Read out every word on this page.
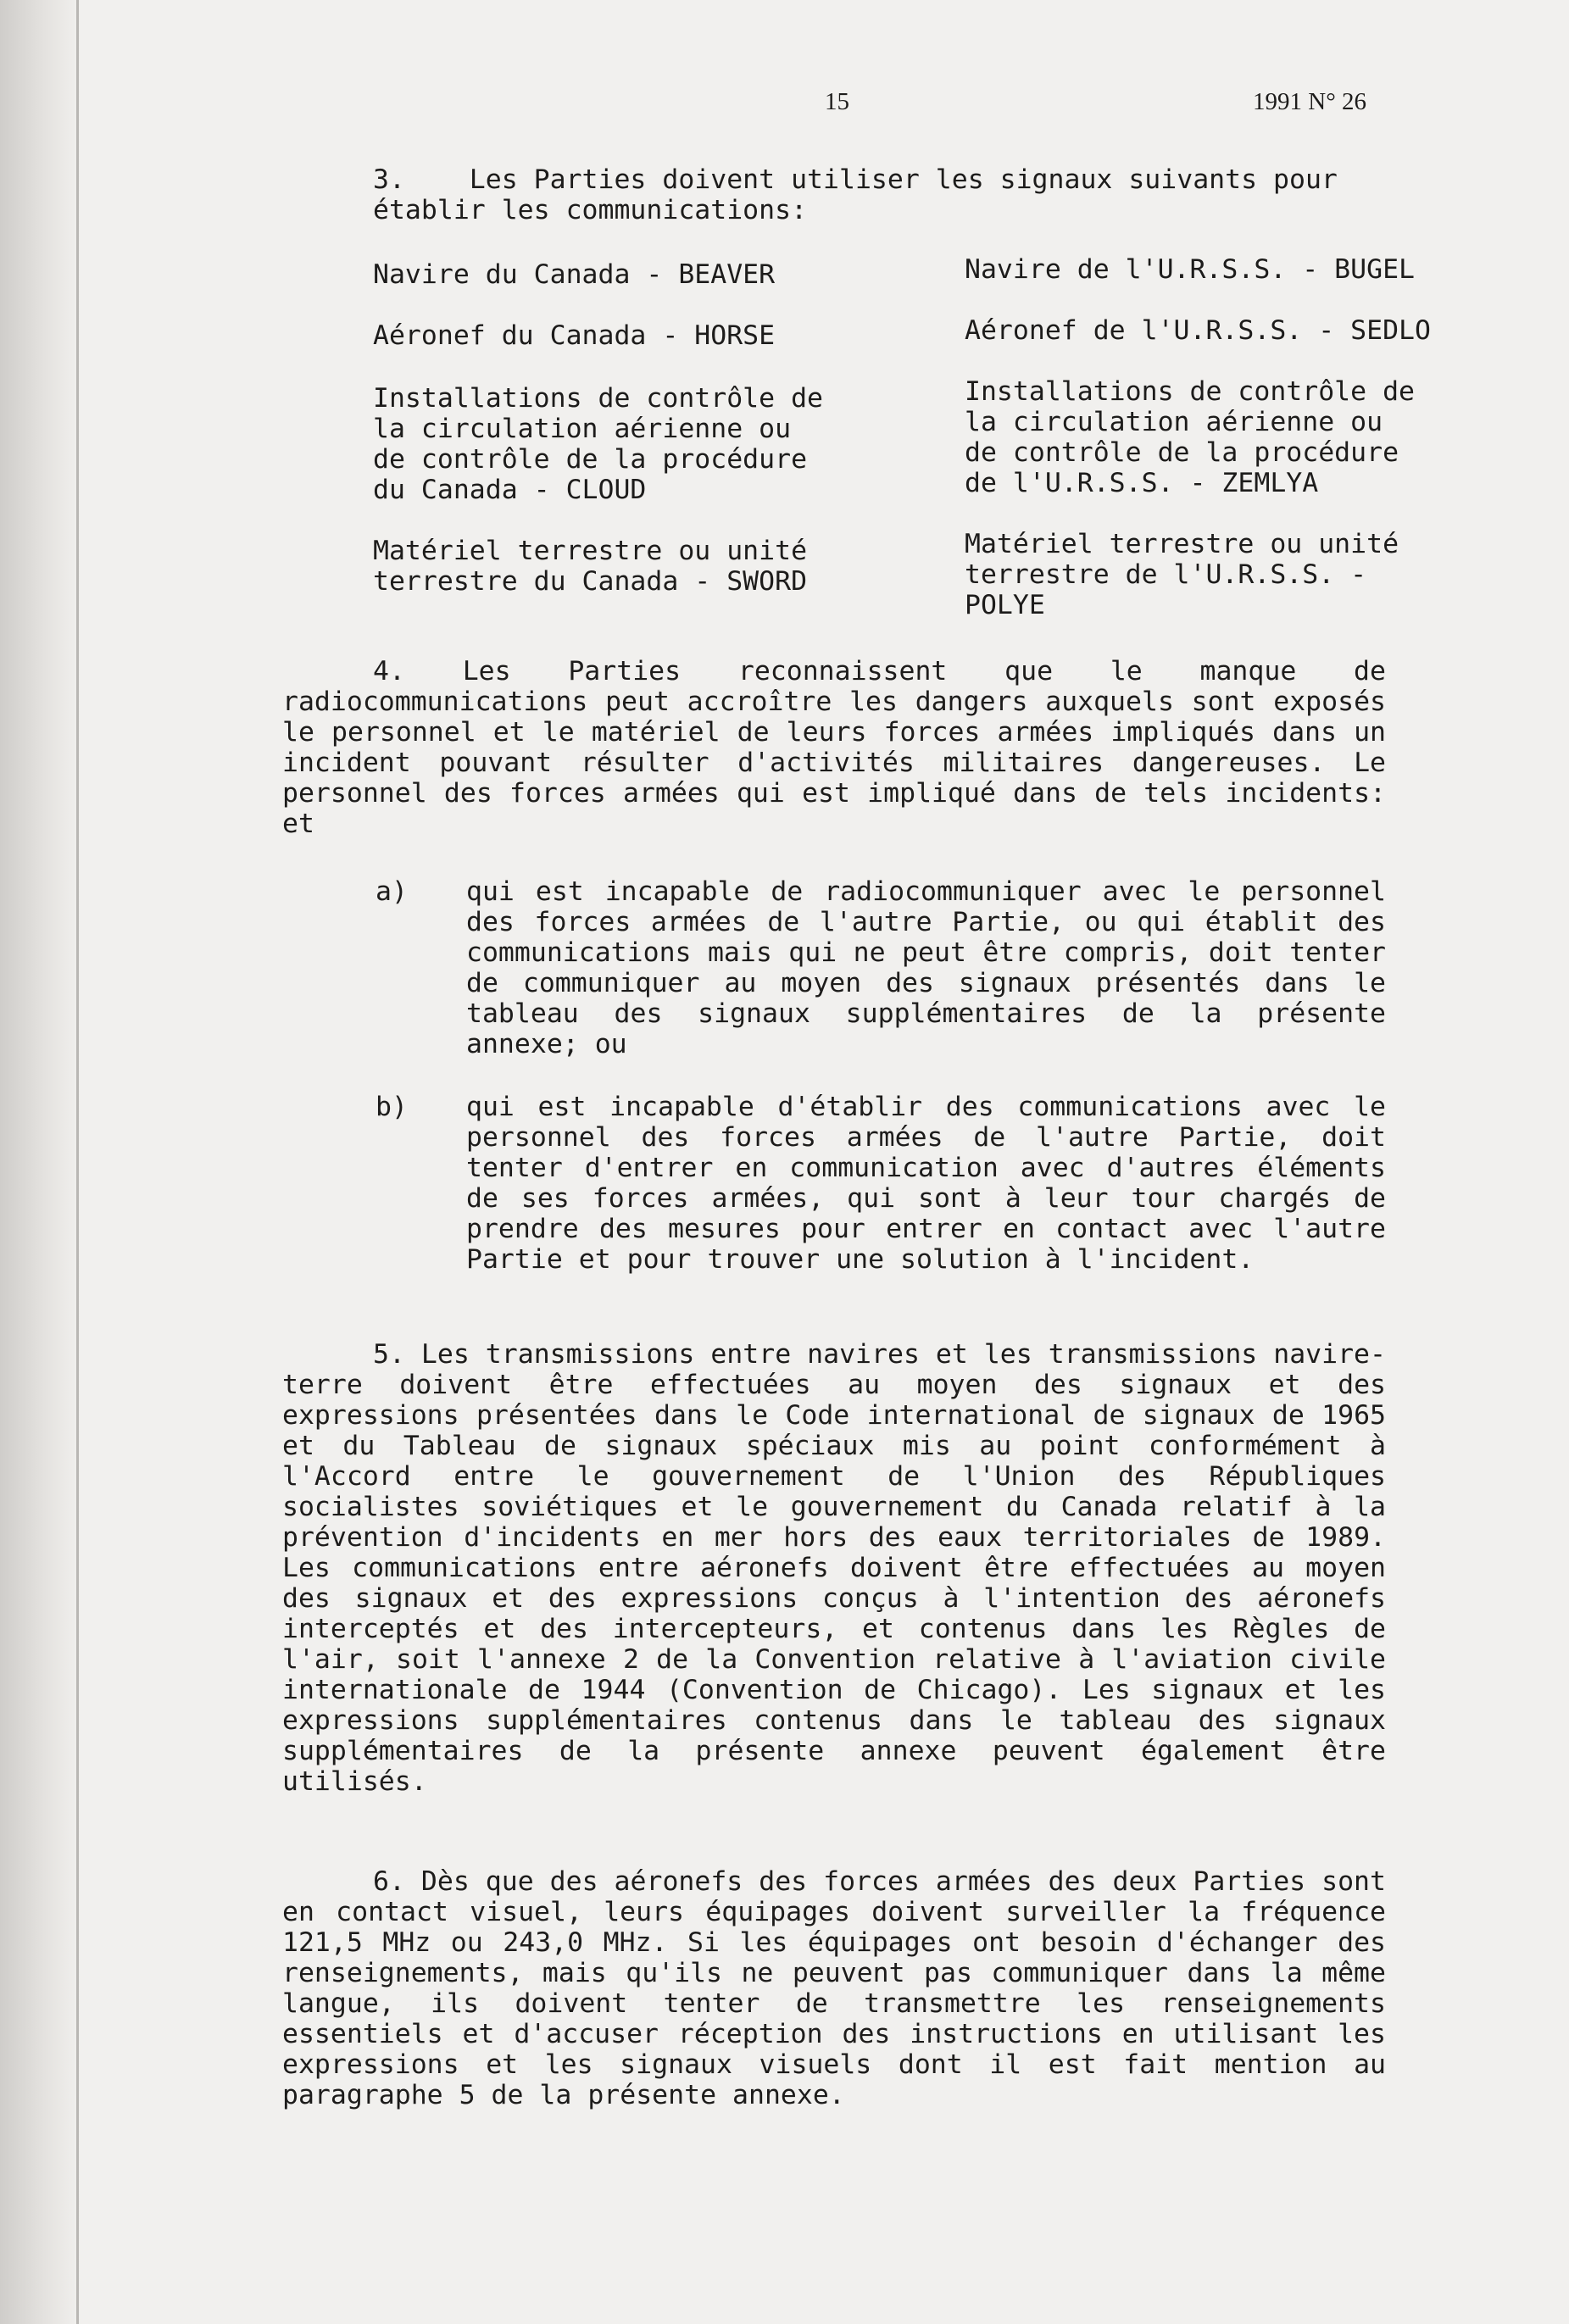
15	1991 N° 26
3.    Les Parties doivent utiliser les signaux suivants pour
établir les communications:
Navire du Canada - BEAVER
Aéronef du Canada - HORSE
Installations de contrôle de
la circulation aérienne ou
de contrôle de la procédure
du Canada - CLOUD
Matériel terrestre ou unité
terrestre du Canada - SWORD
Navire de l'U.R.S.S. - BUGEL
Aéronef de l'U.R.S.S. - SEDLO
Installations de contrôle de
la circulation aérienne ou
de contrôle de la procédure
de l'U.R.S.S. - ZEMLYA
Matériel terrestre ou unité
terrestre de l'U.R.S.S. -
POLYE

4. Les Parties reconnaissent que le manque de radiocommunications peut accroître les dangers auxquels sont exposés le personnel et le matériel de leurs forces armées impliqués dans un incident pouvant résulter d'activités militaires dangereuses. Le personnel des forces armées qui est impliqué dans de tels incidents: et

a) qui est incapable de radiocommuniquer avec le personnel des forces armées de l'autre Partie, ou qui établit des communications mais qui ne peut être compris, doit tenter de communiquer au moyen des signaux présentés dans le tableau des signaux supplémentaires de la présente annexe; ou

b) qui est incapable d'établir des communications avec le personnel des forces armées de l'autre Partie, doit tenter d'entrer en communication avec d'autres éléments de ses forces armées, qui sont à leur tour chargés de prendre des mesures pour entrer en contact avec l'autre Partie et pour trouver une solution à l'incident.

5. Les transmissions entre navires et les transmissions navire-terre doivent être effectuées au moyen des signaux et des expressions présentées dans le Code international de signaux de 1965 et du Tableau de signaux spéciaux mis au point conformément à l'Accord entre le gouvernement de l'Union des Républiques socialistes soviétiques et le gouvernement du Canada relatif à la prévention d'incidents en mer hors des eaux territoriales de 1989. Les communications entre aéronefs doivent être effectuées au moyen des signaux et des expressions conçus à l'intention des aéronefs interceptés et des intercepteurs, et contenus dans les Règles de l'air, soit l'annexe 2 de la Convention relative à l'aviation civile internationale de 1944 (Convention de Chicago). Les signaux et les expressions supplémentaires contenus dans le tableau des signaux supplémentaires de la présente annexe peuvent également être utilisés.

6. Dès que des aéronefs des forces armées des deux Parties sont en contact visuel, leurs équipages doivent surveiller la fréquence 121,5 MHz ou 243,0 MHz. Si les équipages ont besoin d'échanger des renseignements, mais qu'ils ne peuvent pas communiquer dans la même langue, ils doivent tenter de transmettre les renseignements essentiels et d'accuser réception des instructions en utilisant les expressions et les signaux visuels dont il est fait mention au paragraphe 5 de la présente annexe.
